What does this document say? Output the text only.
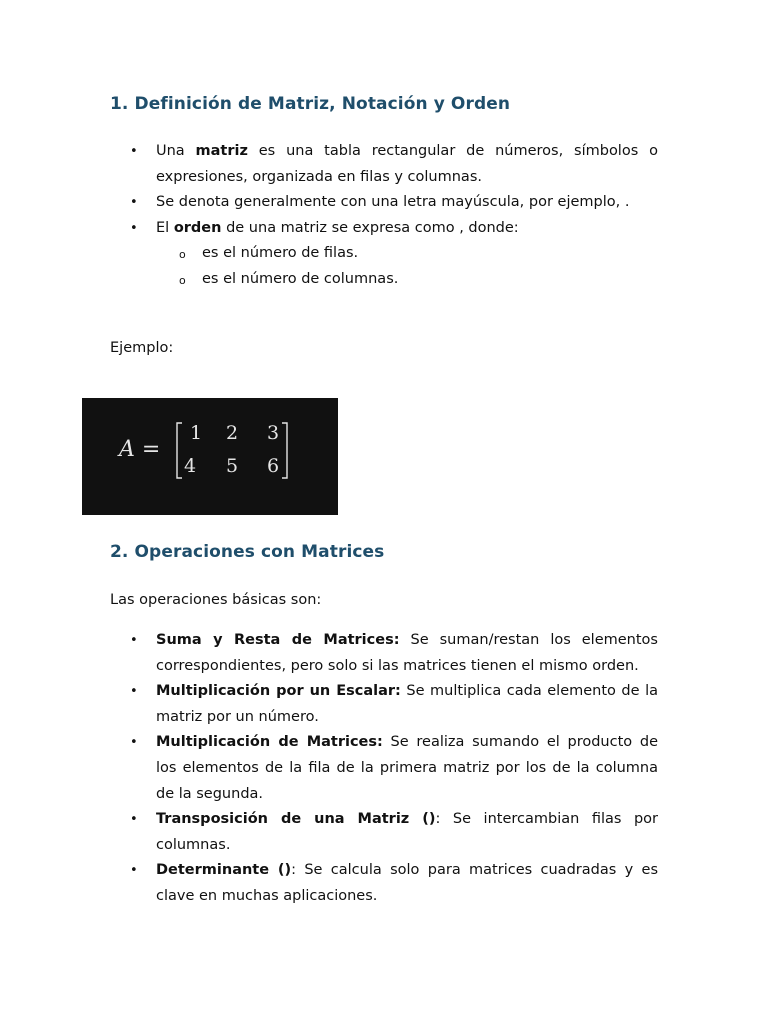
1. Definición de Matriz, Notación y Orden
• Una matriz es una tabla rectangular de números, símbolos o expresiones, organizada en filas y columnas.
• Se denota generalmente con una letra mayúscula, por ejemplo, .
• El orden de una matriz se expresa como , donde:
o es el número de filas.
o es el número de columnas.

Ejemplo:

A =
1 2 3
4 5 6
2. Operaciones con Matrices

Las operaciones básicas son:

• Suma y Resta de Matrices: Se suman/restan los elementos correspondientes, pero solo si las matrices tienen el mismo orden.
• Multiplicación por un Escalar: Se multiplica cada elemento de la matriz por un número.
• Multiplicación de Matrices: Se realiza sumando el producto de los elementos de la fila de la primera matriz por los de la columna de la segunda.
• Transposición de una Matriz (): Se intercambian filas por columnas.
• Determinante (): Se calcula solo para matrices cuadradas y es clave en muchas aplicaciones.
